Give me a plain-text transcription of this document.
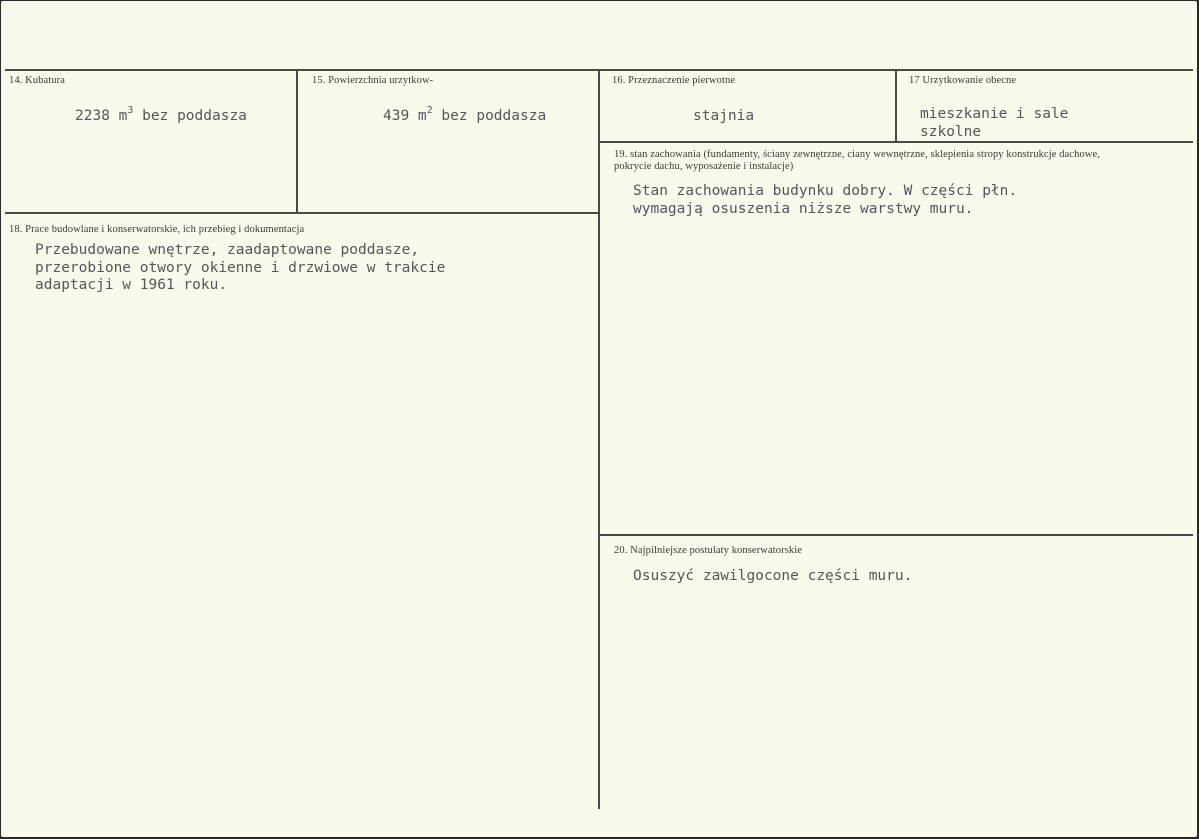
14. Kubatura
2238 $m^3$ bez poddasza
15. Powierzchnia urzytkow-
439 $m^2$ bez poddasza
16. Przeznaczenie pierwotne
stajnia
17 Urzytkowanie obecne
mieszkanie i sale
szkolne
18. Prace budowlane i konserwatorskie, ich przebieg i dokumentacja
Przebudowane wnętrze, zaadaptowane poddasze,
przerobione otwory okienne i drzwiowe w trakcie
adaptacji w 1961 roku.
19. stan zachowania (fundamenty, ściany zewnętrzne, ciany wewnętrzne, sklepienia stropy konstrukcje dachowe, pokrycie dachu, wyposażenie i instalacje)
Stan zachowania budynku dobry. W części płn.
wymagają osuszenia niższe warstwy muru.
20. Najpilniejsze postulaty konserwatorskie
Osuszyć zawilgocone części muru.
